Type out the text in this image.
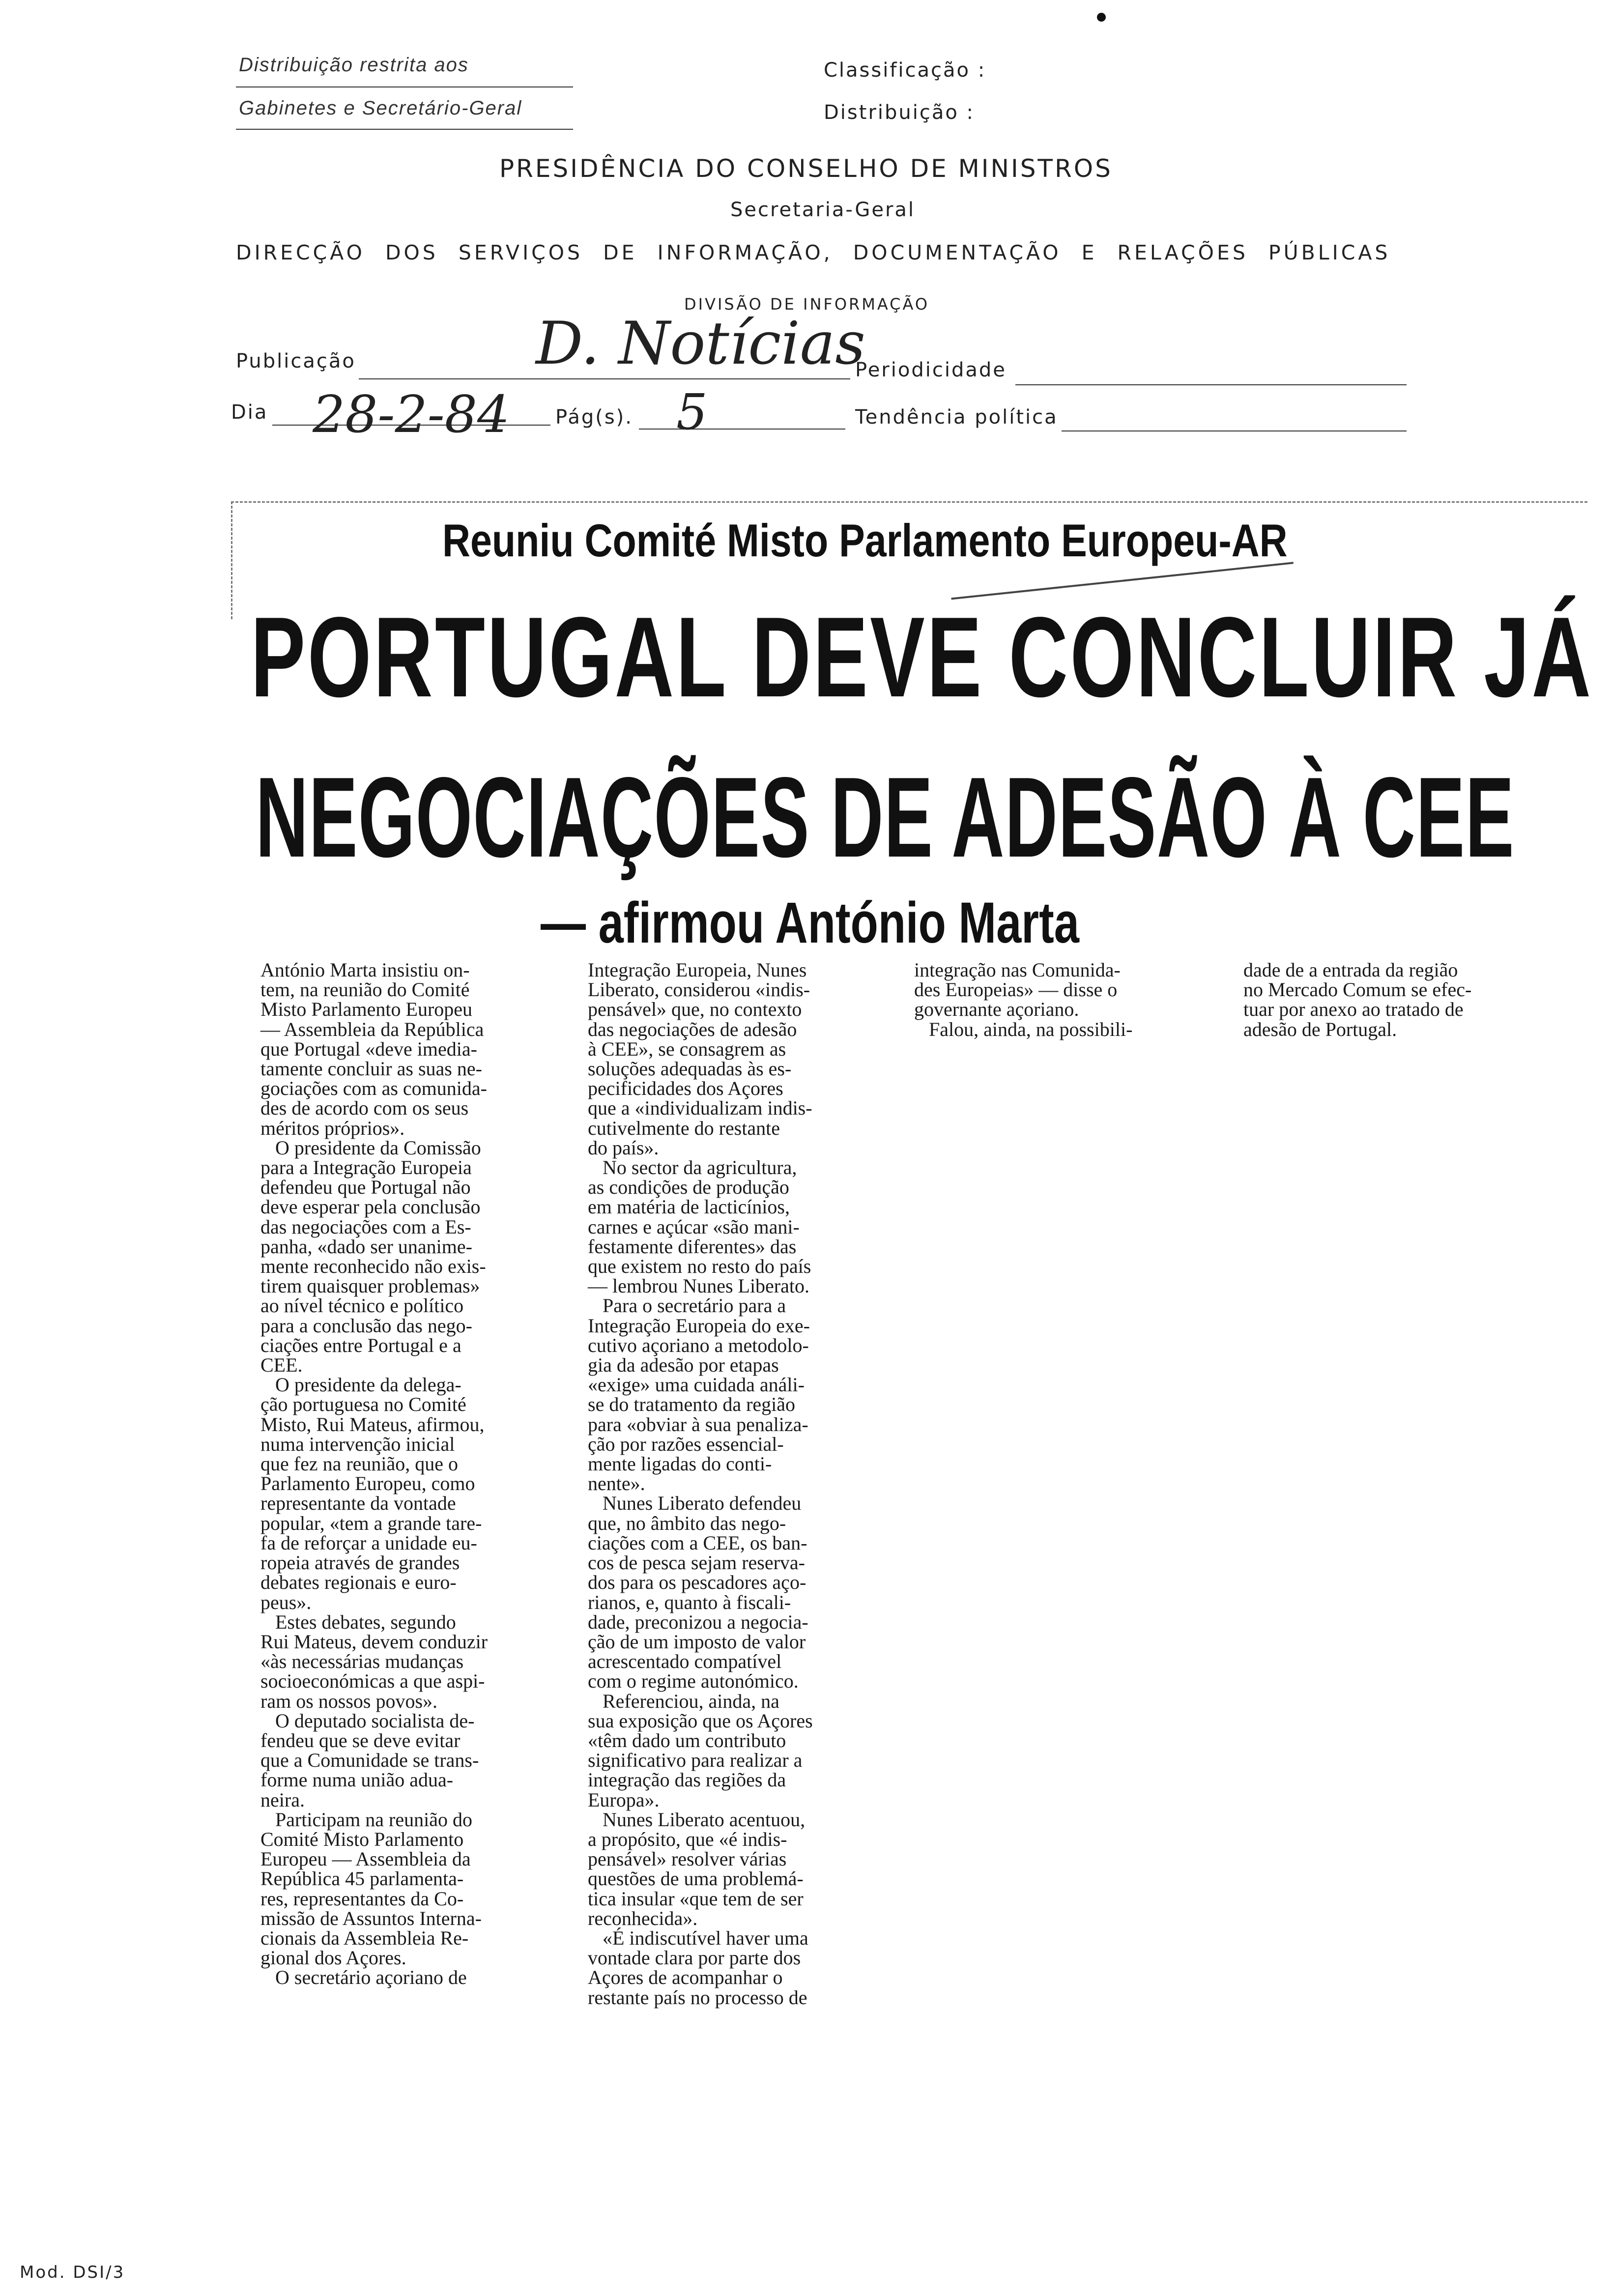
Distribuição restrita aos
Gabinetes e Secretário-Geral
Classificação :
Distribuição :
PRESIDÊNCIA DO CONSELHO DE MINISTROS
Secretaria-Geral
DIRECÇÃO DOS SERVIÇOS DE INFORMAÇÃO, DOCUMENTAÇÃO E RELAÇÕES PÚBLICAS
DIVISÃO DE INFORMAÇÃO
Publicação	D. Notícias
Periodicidade
Dia 28-2-84 Pág(s). 5	Tendência política
Reuniu Comité Misto Parlamento Europeu-AR
PORTUGAL DEVE CONCLUIR JÁ
NEGOCIAÇÕES DE ADESÃO À CEE
— afirmou António Marta
António Marta insistiu on-
tem, na reunião do Comité
Misto Parlamento Europeu
— Assembleia da República
que Portugal «deve imedia-
tamente concluir as suas ne-
gociações com as comunida-
des de acordo com os seus
méritos próprios».
O presidente da Comissão
para a Integração Europeia
defendeu que Portugal não
deve esperar pela conclusão
das negociações com a Es-
panha, «dado ser unanime-
mente reconhecido não exis-
tirem quaisquer problemas»
ao nível técnico e político
para a conclusão das nego-
ciações entre Portugal e a
CEE.
O presidente da delega-
ção portuguesa no Comité
Misto, Rui Mateus, afirmou,
numa intervenção inicial
que fez na reunião, que o
Parlamento Europeu, como
representante da vontade
popular, «tem a grande tare-
fa de reforçar a unidade eu-
ropeia através de grandes
debates regionais e euro-
peus».
Estes debates, segundo
Rui Mateus, devem conduzir
«às necessárias mudanças
socioeconómicas a que aspi-
ram os nossos povos».
O deputado socialista de-
fendeu que se deve evitar
que a Comunidade se trans-
forme numa união adua-
neira.
Participam na reunião do
Comité Misto Parlamento
Europeu — Assembleia da
República 45 parlamenta-
res, representantes da Co-
missão de Assuntos Interna-
cionais da Assembleia Re-
gional dos Açores.
O secretário açoriano de
Integração Europeia, Nunes
Liberato, considerou «indis-
pensável» que, no contexto
das negociações de adesão
à CEE», se consagrem as
soluções adequadas às es-
pecificidades dos Açores
que a «individualizam indis-
cutivelmente do restante
do país».
No sector da agricultura,
as condições de produção
em matéria de lacticínios,
carnes e açúcar «são mani-
festamente diferentes» das
que existem no resto do país
— lembrou Nunes Liberato.
Para o secretário para a
Integração Europeia do exe-
cutivo açoriano a metodolo-
gia da adesão por etapas
«exige» uma cuidada análi-
se do tratamento da região
para «obviar à sua penaliza-
ção por razões essencial-
mente ligadas do conti-
nente».
Nunes Liberato defendeu
que, no âmbito das nego-
ciações com a CEE, os ban-
cos de pesca sejam reserva-
dos para os pescadores aço-
rianos, e, quanto à fiscali-
dade, preconizou a negocia-
ção de um imposto de valor
acrescentado compatível
com o regime autonómico.
Referenciou, ainda, na
sua exposição que os Açores
«têm dado um contributo
significativo para realizar a
integração das regiões da
Europa».
Nunes Liberato acentuou,
a propósito, que «é indis-
pensável» resolver várias
questões de uma problemá-
tica insular «que tem de ser
reconhecida».
«É indiscutível haver uma
vontade clara por parte dos
Açores de acompanhar o
restante país no processo de
integração nas Comunida-
des Europeias» — disse o
governante açoriano.
Falou, ainda, na possibili-
dade de a entrada da região
no Mercado Comum se efec-
tuar por anexo ao tratado de
adesão de Portugal.
Mod. DSI/3
